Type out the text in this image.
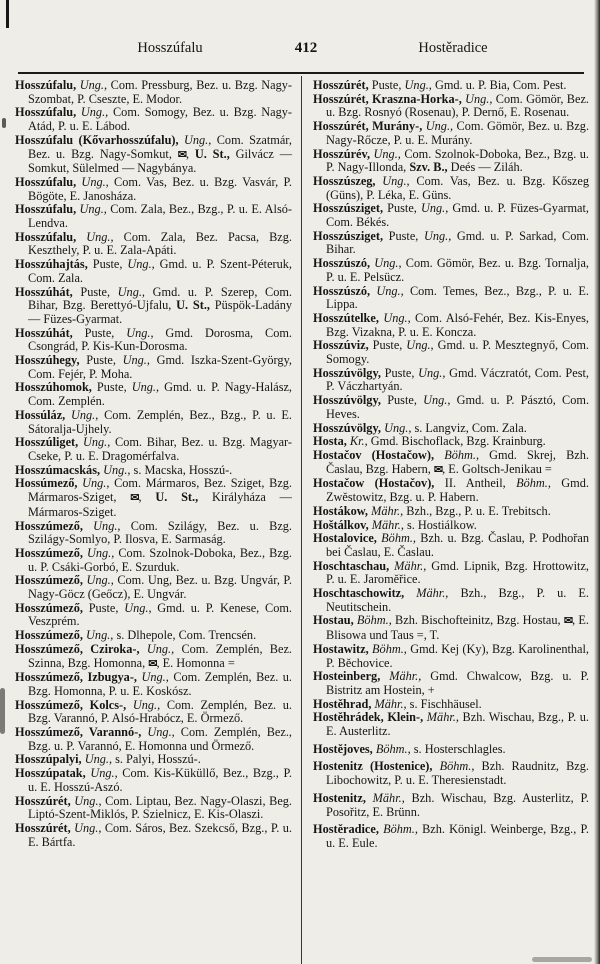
Hosszúfalu	412	Hostěradice

Hosszúfalu, Ung., Com. Pressburg, Bez. u. Bzg. Nagy-Szombat, P. Cseszte, E. Modor.

Hosszúfalu, Ung., Com. Somogy, Bez. u. Bzg. Nagy-Atád, P. u. E. Lábod.

Hosszúfalu (Kővarhosszúfalu), Ung., Com. Szatmár, Bez. u. Bzg. Nagy-Somkut, ✉, U. St., Gilvácz — Somkut, Sülelmed — Nagybánya.

Hosszúfalu, Ung., Com. Vas, Bez. u. Bzg. Vasvár, P. Bögöte, E. Janosháza.

Hosszúfalu, Ung., Com. Zala, Bez., Bzg., P. u. E. Alsó-Lendva.

Hosszúfalu, Ung., Com. Zala, Bez. Pacsa, Bzg. Keszthely, P. u. E. Zala-Apáti.

Hosszúhajtás, Puste, Ung., Gmd. u. P. Szent-Péteruk, Com. Zala.

Hosszúhát, Puste, Ung., Gmd. u. P. Szerep, Com. Bihar, Bzg. Berettyó-Ujfalu, U. St., Püspök-Ladány — Füzes-Gyarmat.

Hosszúhát, Puste, Ung., Gmd. Dorosma, Com. Csongrád, P. Kis-Kun-Dorosma.

Hosszúhegy, Puste, Ung., Gmd. Iszka-Szent-György, Com. Fejér, P. Moha.

Hosszúhomok, Puste, Ung., Gmd. u. P. Nagy-Halász, Com. Zemplén.

Hossúláz, Ung., Com. Zemplén, Bez., Bzg., P. u. E. Sátoralja-Ujhely.

Hosszúliget, Ung., Com. Bihar, Bez. u. Bzg. Magyar-Cseke, P. u. E. Dragomérfalva.

Hosszúmacskás, Ung., s. Macska, Hosszú-.

Hossúmező, Ung., Com. Mármaros, Bez. Sziget, Bzg. Mármaros-Sziget, ✉, U. St., Királyháza — Mármaros-Sziget.

Hosszúmező, Ung., Com. Szilágy, Bez. u. Bzg. Szilágy-Somlyo, P. Ilosva, E. Sarmaság.

Hosszúmező, Ung., Com. Szolnok-Doboka, Bez., Bzg. u. P. Csáki-Gorbó, E. Szurduk.

Hosszúmező, Ung., Com. Ung, Bez. u. Bzg. Ungvár, P. Nagy-Göcz (Geőcz), E. Ungvár.

Hosszúmező, Puste, Ung., Gmd. u. P. Kenese, Com. Veszprém.

Hosszúmező, Ung., s. Dlhepole, Com. Trencsén.

Hosszúmező, Cziroka-, Ung., Com. Zemplén, Bez. Szinna, Bzg. Homonna, ✉, E. Homonna =

Hosszúmező, Izbugya-, Ung., Com. Zemplén, Bez. u. Bzg. Homonna, P. u. E. Koskósz.

Hosszúmező, Kolcs-, Ung., Com. Zemplén, Bez. u. Bzg. Varannó, P. Alsó-Hrabócz, E. Örmező.

Hosszúmező, Varannó-, Ung., Com. Zemplén, Bez., Bzg. u. P. Varannó, E. Homonna und Örmező.

Hosszúpalyi, Ung., s. Palyi, Hosszú-.

Hosszúpatak, Ung., Com. Kis-Küküllő, Bez., Bzg., P. u. E. Hosszú-Aszó.

Hosszúrét, Ung., Com. Liptau, Bez. Nagy-Olaszi, Beg. Liptó-Szent-Miklós, P. Szielnicz, E. Kis-Olaszi.

Hosszúrét, Ung., Com. Sáros, Bez. Szekcső, Bzg., P. u. E. Bártfa.

Hosszúrét, Puste, Ung., Gmd. u. P. Bia, Com. Pest.

Hosszúrét, Kraszna-Horka-, Ung., Com. Gömör, Bez. u. Bzg. Rosnyó (Rosenau), P. Dernő, E. Rosenau.

Hosszúrét, Murány-, Ung., Com. Gömör, Bez. u. Bzg. Nagy-Rőcze, P. u. E. Murány.

Hosszúrév, Ung., Com. Szolnok-Doboka, Bez., Bzg. u. P. Nagy-Illonda, Szv. B., Deés — Ziláh.

Hosszúszeg, Ung., Com. Vas, Bez. u. Bzg. Kőszeg (Güns), P. Léka, E. Güns.

Hosszúsziget, Puste, Ung., Gmd. u. P. Füzes-Gyarmat, Com. Békés.

Hosszúsziget, Puste, Ung., Gmd. u. P. Sarkad, Com. Bihar.

Hosszúszó, Ung., Com. Gömör, Bez. u. Bzg. Tornalja, P. u. E. Pelsücz.

Hosszúszó, Ung., Com. Temes, Bez., Bzg., P. u. E. Lippa.

Hosszútelke, Ung., Com. Alsó-Fehér, Bez. Kis-Enyes, Bzg. Vizakna, P. u. E. Koncza.

Hosszúviz, Puste, Ung., Gmd. u. P. Mesztegnyő, Com. Somogy.

Hosszúvölgy, Puste, Ung., Gmd. Váczratót, Com. Pest, P. Váczhartyán.

Hosszúvölgy, Puste, Ung., Gmd. u. P. Pásztó, Com. Heves.

Hosszúvölgy, Ung., s. Langviz, Com. Zala.

Hosta, Kr., Gmd. Bischoflack, Bzg. Krainburg.

Hostačov (Hostačow), Böhm., Gmd. Skrej, Bzh. Časlau, Bzg. Habern, ✉, E. Goltsch-Jenikau =

Hostačow (Hostačov), II. Antheil, Böhm., Gmd. Zwěstowitz, Bzg. u. P. Habern.

Hostákow, Mähr., Bzh., Bzg., P. u. E. Trebitsch.

Hoštálkov, Mähr., s. Hostiálkow.

Hostalovice, Böhm., Bzh. u. Bzg. Časlau, P. Podhořan bei Časlau, E. Časlau.

Hoschtaschau, Mähr., Gmd. Lipnik, Bzg. Hrottowitz, P. u. E. Jaroměřice.

Hoschtaschowitz, Mähr., Bzh., Bzg., P. u. E. Neutitschein.

Hostau, Böhm., Bzh. Bischofteinitz, Bzg. Hostau, ✉, E. Blisowa und Taus =, T.

Hostawitz, Böhm., Gmd. Kej (Ky), Bzg. Karolinenthal, P. Běchovice.

Hosteinberg, Mähr., Gmd. Chwalcow, Bzg. u. P. Bistritz am Hostein, +

Hostěhrad, Mähr., s. Fischhäusel.

Hostěhrádek, Klein-, Mähr., Bzh. Wischau, Bzg., P. u. E. Austerlitz.

Hostějoves, Böhm., s. Hosterschlagles.

Hostenitz (Hostenice), Böhm., Bzh. Raudnitz, Bzg. Libochowitz, P. u. E. Theresienstadt.

Hostenitz, Mähr., Bzh. Wischau, Bzg. Austerlitz, P. Posořitz, E. Brünn.

Hostěradice, Böhm., Bzh. Königl. Weinberge, Bzg., P. u. E. Eule.
